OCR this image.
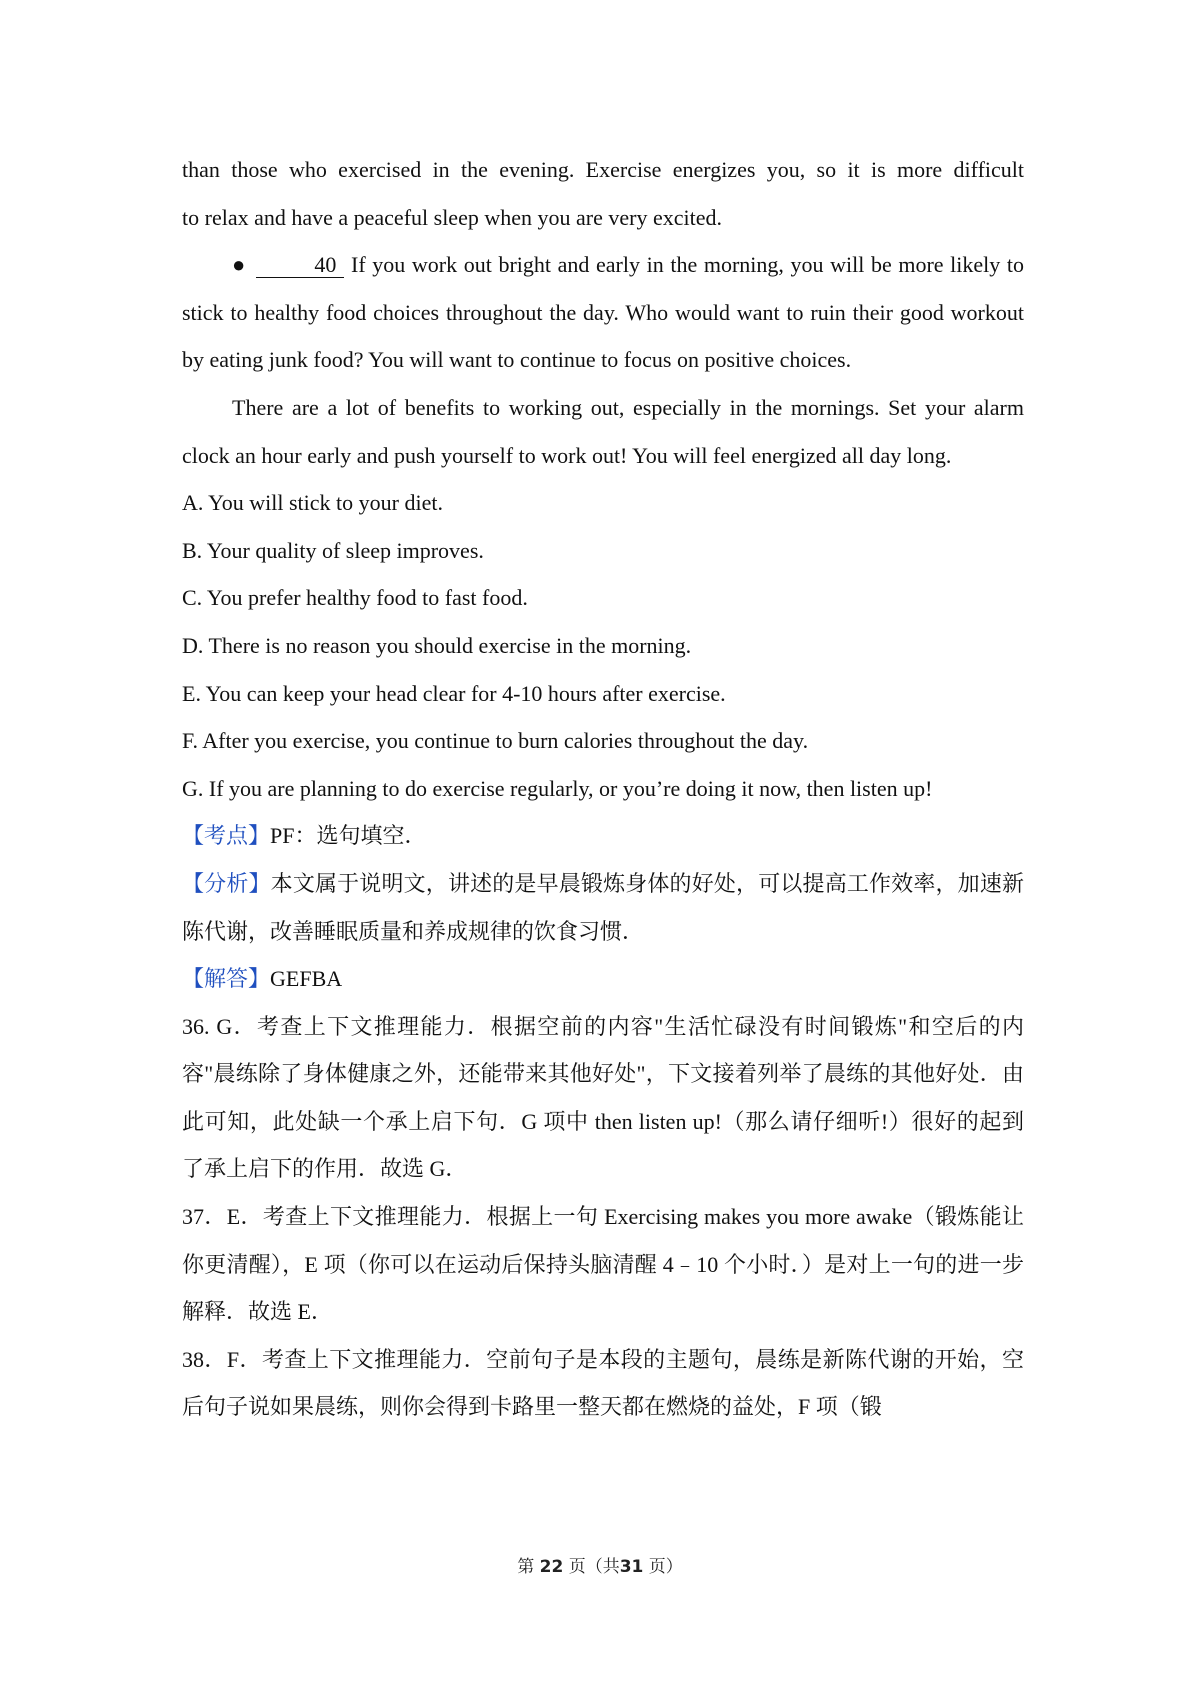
than those who exercised in the evening. Exercise energizes you, so it is more difficult

to relax and have a peaceful sleep when you are very excited.

●	40 If you work out bright and early in the morning, you will be more likely to stick to healthy food choices throughout the day. Who would want to ruin their good workout by eating junk food? You will want to continue to focus on positive choices.

There are a lot of benefits to working out, especially in the mornings. Set your alarm clock an hour early and push yourself to work out! You will feel energized all day long.

A. You will stick to your diet.

B. Your quality of sleep improves.

C. You prefer healthy food to fast food.

D. There is no reason you should exercise in the morning.

E. You can keep your head clear for 4-10 hours after exercise.

F. After you exercise, you continue to burn calories throughout the day.

G. If you are planning to do exercise regularly, or you’re doing it now, then listen up!

【考点】PF：选句填空．

【分析】本文属于说明文，讲述的是早晨锻炼身体的好处，可以提高工作效率，加速新陈代谢，改善睡眠质量和养成规律的饮食习惯．

【解答】GEFBA

36. G．考查上下文推理能力．根据空前的内容"生活忙碌没有时间锻炼"和空后的内容"晨练除了身体健康之外，还能带来其他好处"，下文接着列举了晨练的其他好处．由此可知，此处缺一个承上启下句．G 项中 then listen up!（那么请仔细听!）很好的起到了承上启下的作用．故选 G．

37．E．考查上下文推理能力．根据上一句 Exercising makes you more awake（锻炼能让你更清醒），E 项（你可以在运动后保持头脑清醒 4﹣10 个小时．）是对上一句的进一步解释．故选 E．

38．F．考查上下文推理能力．空前句子是本段的主题句，晨练是新陈代谢的开始，空后句子说如果晨练，则你会得到卡路里一整天都在燃烧的益处，F 项（锻

第 22 页（共31 页）
